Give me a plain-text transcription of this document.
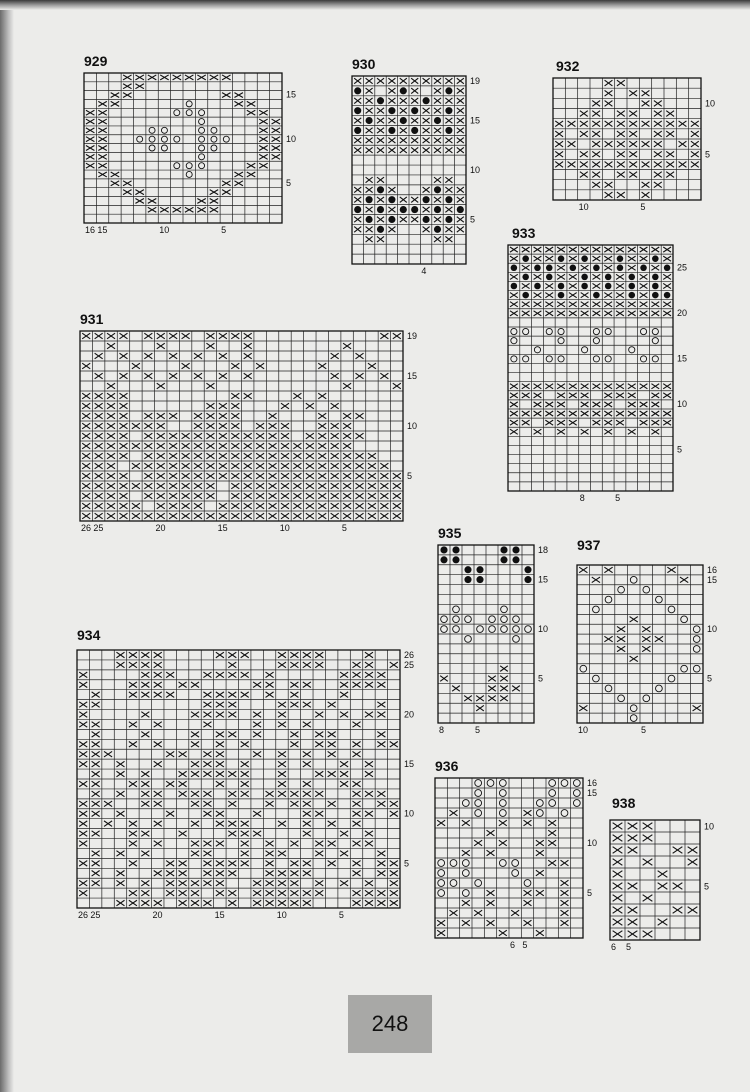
929
15
10
5
16 15	10	5
930
19
15
10
5
4
932
10
5
10	5
933
25
20
15
10
5
8	5
931
19
15
10
5
26 25	20	15	10	5	935
18
15
10
5
8	5
937
16
15
10
5
10	5
934
26
25
20
15
10
5
26 25	20	15	10	5
936
16
15
10
5
6 5
938
10
5
6 5
248
